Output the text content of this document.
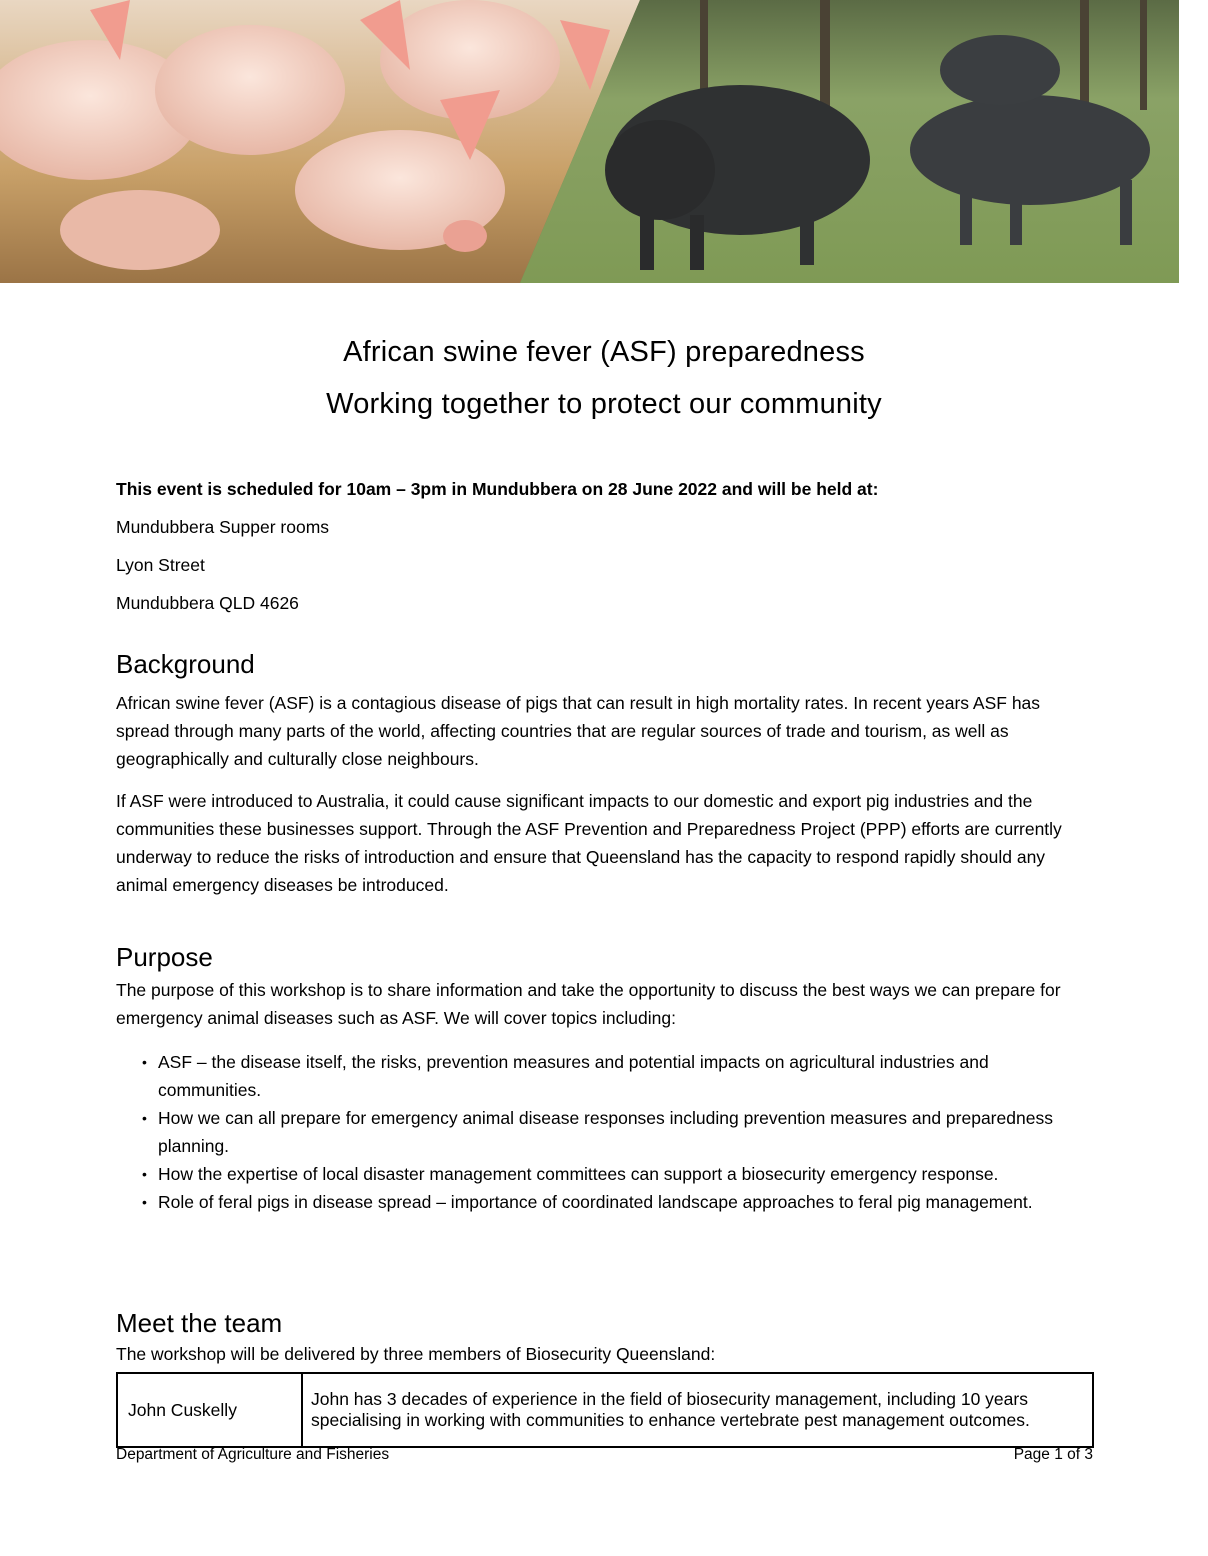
African swine fever (ASF) preparedness
Working together to protect our community

This event is scheduled for 10am – 3pm in Mundubbera on 28 June 2022 and will be held at:

Mundubbera Supper rooms

Lyon Street

Mundubbera QLD 4626

Background

African swine fever (ASF) is a contagious disease of pigs that can result in high mortality rates. In recent years ASF has spread through many parts of the world, affecting countries that are regular sources of trade and tourism, as well as geographically and culturally close neighbours.

If ASF were introduced to Australia, it could cause significant impacts to our domestic and export pig industries and the communities these businesses support. Through the ASF Prevention and Preparedness Project (PPP) efforts are currently underway to reduce the risks of introduction and ensure that Queensland has the capacity to respond rapidly should any animal emergency diseases be introduced.

Purpose

The purpose of this workshop is to share information and take the opportunity to discuss the best ways we can prepare for emergency animal diseases such as ASF. We will cover topics including:

• ASF – the disease itself, the risks, prevention measures and potential impacts on agricultural industries and communities.
• How we can all prepare for emergency animal disease responses including prevention measures and preparedness planning.
• How the expertise of local disaster management committees can support a biosecurity emergency response.
• Role of feral pigs in disease spread – importance of coordinated landscape approaches to feral pig management.
Meet the team

The workshop will be delivered by three members of Biosecurity Queensland:

John Cuskelly	John has 3 decades of experience in the field of biosecurity management, including 10 years specialising in working with communities to enhance vertebrate pest management outcomes.
Department of Agriculture and Fisheries	Page 1 of 3
